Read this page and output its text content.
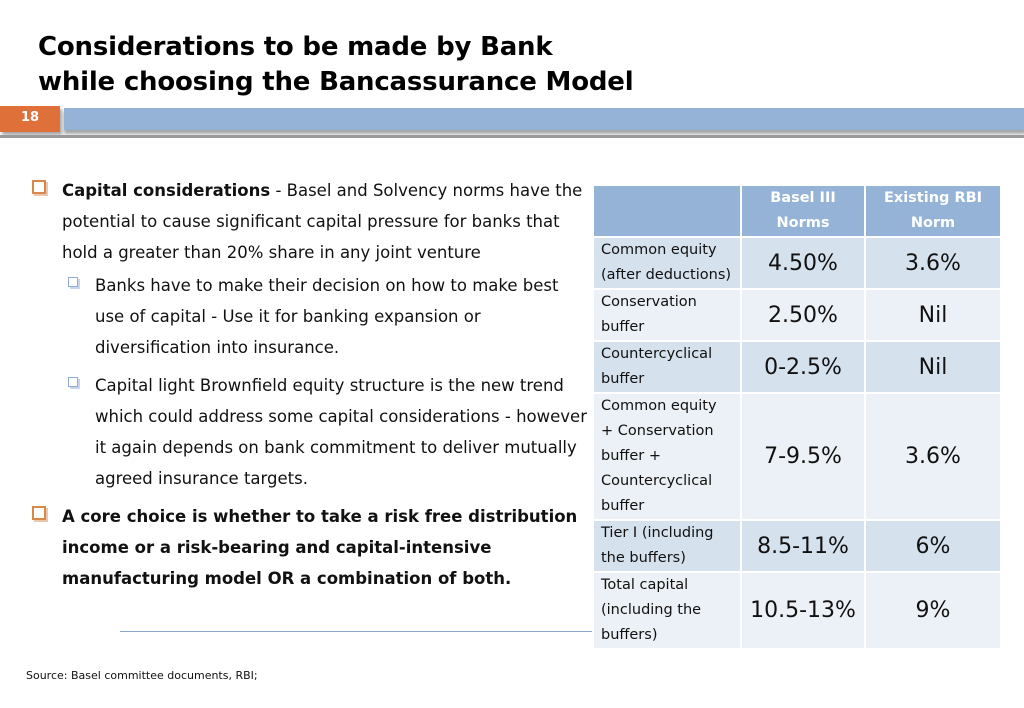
Considerations to be made by Bank
while choosing the Bancassurance Model
18
Capital considerations - Basel and Solvency norms have the potential to cause significant capital pressure for banks that hold a greater than 20% share in any joint venture
Banks have to make their decision on how to make best use of capital - Use it for banking expansion or diversification into insurance.
Capital light Brownfield equity structure is the new trend which could address some capital considerations - however it again depends on bank commitment to deliver mutually agreed insurance targets.
A core choice is whether to take a risk free distribution income or a risk-bearing and capital-intensive manufacturing model OR a combination of both.
	Basel III Norms	Existing RBI Norm
Common equity (after deductions)	4.50%	3.6%
Conservation buffer	2.50%	Nil
Countercyclical buffer	0-2.5%	Nil
Common equity + Conservation buffer + Countercyclical buffer	7-9.5%	3.6%
Tier I (including the buffers)	8.5-11%	6%
Total capital (including the buffers)	10.5-13%	9%
Source: Basel committee documents, RBI;
